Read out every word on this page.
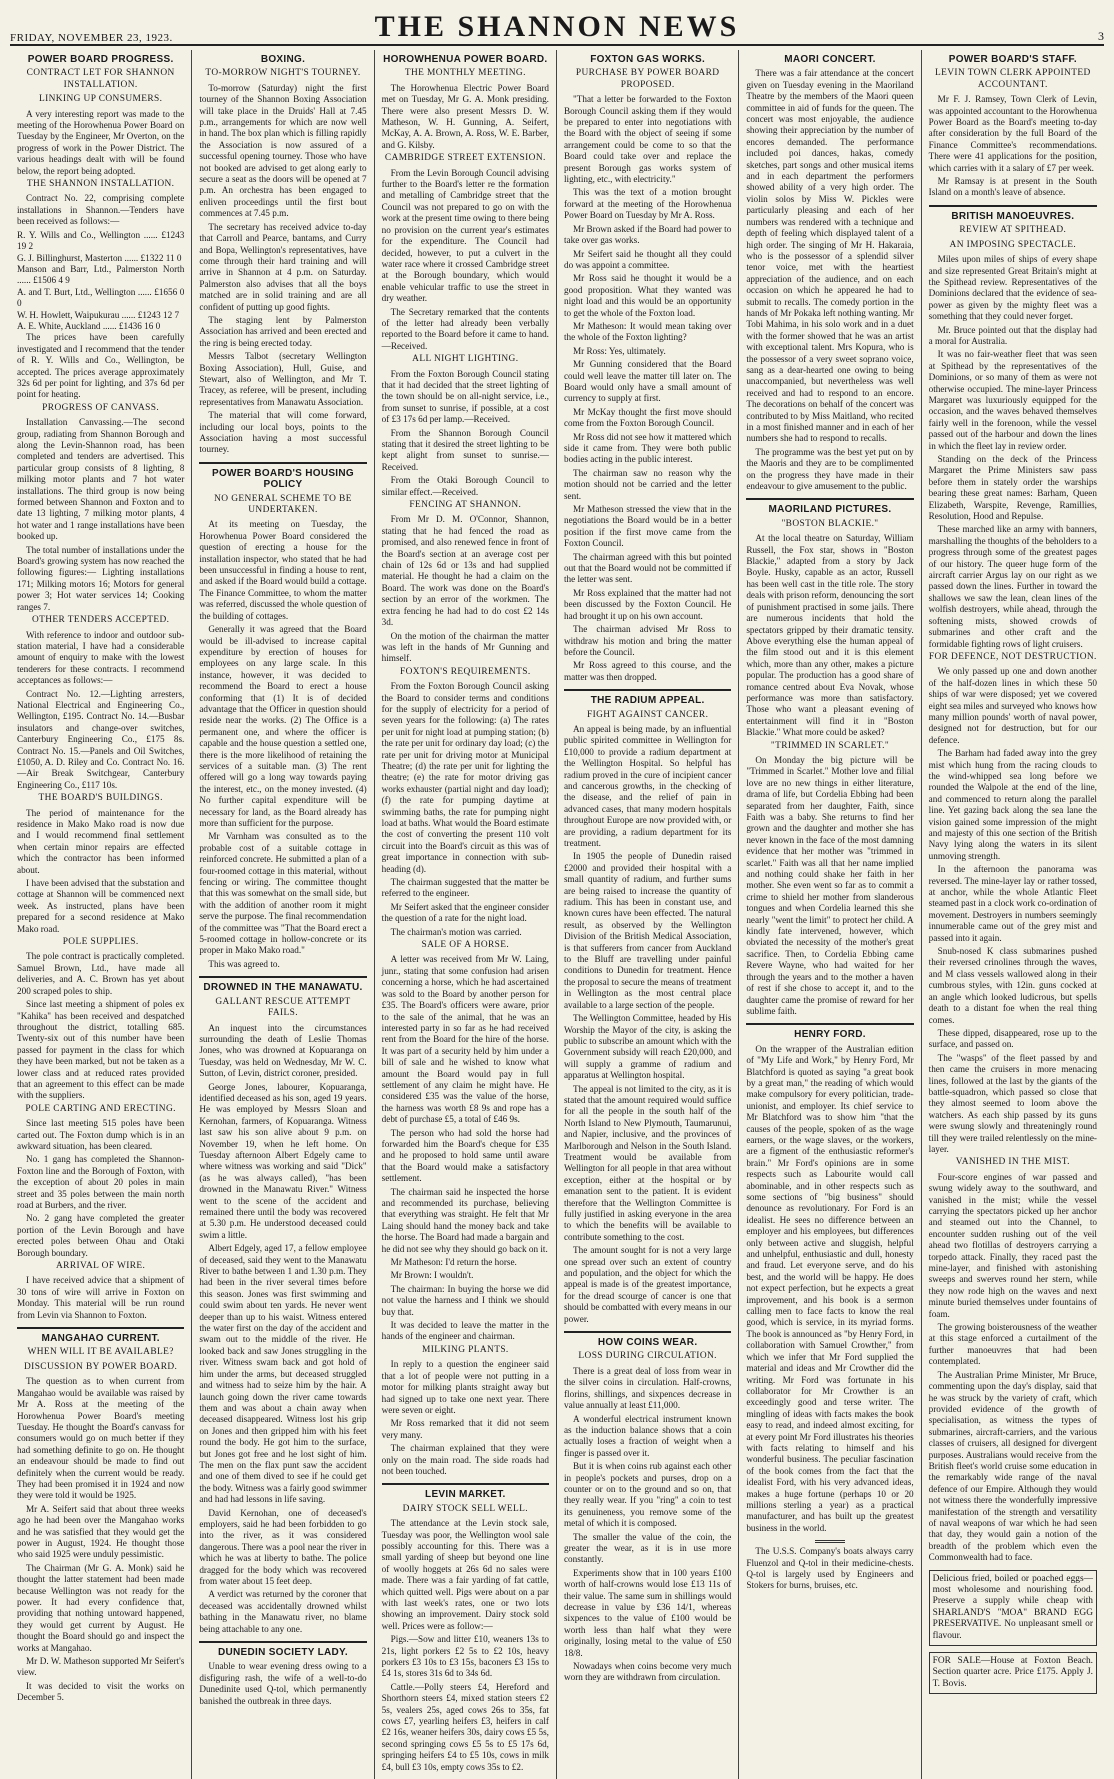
FRIDAY, NOVEMBER 23, 1923.	THE SHANNON NEWS	3
POWER BOARD PROGRESS.
CONTRACT LET FOR SHANNON INSTALLATION.
LINKING UP CONSUMERS.

A very interesting report was made to the meeting of the Horowhenua Power Board on Tuesday by the Engineer, Mr Overton, on the progress of work in the Power District. The various headings dealt with will be found below, the report being adopted.

THE SHANNON INSTALLATION.

Contract No. 22, comprising complete installations in Shannon.—Tenders have been received as follows:—

R. Y. Wills and Co., Wellington ...... £1243 19 2
G. J. Billinghurst, Masterton ...... £1322 11 0
Manson and Barr, Ltd., Palmerston North ...... £1506 4 9
A. and T. Burt, Ltd., Wellington ...... £1656 0 0
W. H. Howlett, Waipukurau ...... £1243 12 7
A. E. White, Auckland ...... £1436 16 0

The prices have been carefully investigated and I recommend that the tender of R. Y. Wills and Co., Wellington, be accepted. The prices average approximately 32s 6d per point for lighting, and 37s 6d per point for heating.

PROGRESS OF CANVASS.

Installation Canvassing.—The second group, radiating from Shannon Borough and along the Levin-Shannon road, has been completed and tenders are advertised. This particular group consists of 8 lighting, 8 milking motor plants and 7 hot water installations. The third group is now being formed between Shannon and Foxton and to date 13 lighting, 7 milking motor plants, 4 hot water and 1 range installations have been booked up.

The total number of installations under the Board's growing system has now reached the following figures:— Lighting installations 171; Milking motors 16; Motors for general power 3; Hot water services 14; Cooking ranges 7.

OTHER TENDERS ACCEPTED.

With reference to indoor and outdoor sub-station material, I have had a considerable amount of enquiry to make with the lowest tenderers for these contracts. I recommend acceptances as follows:—

Contract No. 12.—Lighting arresters, National Electrical and Engineering Co., Wellington, £195. Contract No. 14.—Busbar insulators and change-over switches, Canterbury Engineering Co., £175 8s. Contract No. 15.—Panels and Oil Switches, £1050, A. D. Riley and Co. Contract No. 16.—Air Break Switchgear, Canterbury Engineering Co., £117 10s.

THE BOARD'S BUILDINGS.

The period of maintenance for the residence in Mako Mako road is now due and I would recommend final settlement when certain minor repairs are effected which the contractor has been informed about.

I have been advised that the substation and cottage at Shannon will be commenced next week. As instructed, plans have been prepared for a second residence at Mako Mako road.

POLE SUPPLIES.

The pole contract is practically completed. Samuel Brown, Ltd., have made all deliveries, and A. C. Brown has yet about 200 scraped poles to ship.

Since last meeting a shipment of poles ex "Kahika" has been received and despatched throughout the district, totalling 685. Twenty-six out of this number have been passed for payment in the class for which they have been marked, but not be taken as a lower class and at reduced rates provided that an agreement to this effect can be made with the suppliers.

POLE CARTING AND ERECTING.

Since last meeting 515 poles have been carted out. The Foxton dump which is in an awkward situation, has been cleared.

No. 1 gang has completed the Shannon-Foxton line and the Borough of Foxton, with the exception of about 20 poles in main street and 35 poles between the main north road at Burbers, and the river.

No. 2 gang have completed the greater portion of the Levin Borough and have erected poles between Ohau and Otaki Borough boundary.

ARRIVAL OF WIRE.

I have received advice that a shipment of 30 tons of wire will arrive in Foxton on Monday. This material will be run round from Levin via Shannon to Foxton.

MANGAHAO CURRENT.
WHEN WILL IT BE AVAILABLE?
DISCUSSION BY POWER BOARD.

The question as to when current from Mangahao would be available was raised by Mr A. Ross at the meeting of the Horowhenua Power Board's meeting Tuesday. He thought the Board's canvass for consumers would go on much better if they had something definite to go on. He thought an endeavour should be made to find out definitely when the current would be ready. They had been promised it in 1924 and now they were told it would be 1925.

Mr A. Seifert said that about three weeks ago he had been over the Mangahao works and he was satisfied that they would get the power in August, 1924. He thought those who said 1925 were unduly pessimistic.

The Chairman (Mr G. A. Monk) said he thought the latter statement had been made because Wellington was not ready for the power. It had every confidence that, providing that nothing untoward happened, they would get current by August. He thought the Board should go and inspect the works at Mangahao.

Mr D. W. Matheson supported Mr Seifert's view.

It was decided to visit the works on December 5.

BOXING.
TO-MORROW NIGHT'S TOURNEY.

To-morrow (Saturday) night the first tourney of the Shannon Boxing Association will take place in the Druids' Hall at 7.45 p.m., arrangements for which are now well in hand. The box plan which is filling rapidly the Association is now assured of a successful opening tourney. Those who have not booked are advised to get along early to secure a seat as the doors will be opened at 7 p.m. An orchestra has been engaged to enliven proceedings until the first bout commences at 7.45 p.m.

The secretary has received advice to-day that Carroll and Pearce, bantams, and Curry and Bopa, Wellington's representatives, have come through their hard training and will arrive in Shannon at 4 p.m. on Saturday. Palmerston also advises that all the boys matched are in solid training and are all confident of putting up good fights.

The staging lent by Palmerston Association has arrived and been erected and the ring is being erected today.

Messrs Talbot (secretary Wellington Boxing Association), Hull, Guise, and Stewart, also of Wellington, and Mr T. Tracey, as referee, will be present, including representatives from Manawatu Association.

The material that will come forward, including our local boys, points to the Association having a most successful tourney.

POWER BOARD'S HOUSING POLICY
NO GENERAL SCHEME TO BE UNDERTAKEN.

At its meeting on Tuesday, the Horowhenua Power Board considered the question of erecting a house for the installation inspector, who stated that he had been unsuccessful in finding a house to rent, and asked if the Board would build a cottage. The Finance Committee, to whom the matter was referred, discussed the whole question of the building of cottages.

Generally it was agreed that the Board would be ill-advised to increase capital expenditure by erection of houses for employees on any large scale. In this instance, however, it was decided to recommend the Board to erect a house conforming that (1) It is of decided advantage that the Officer in question should reside near the works. (2) The Office is a permanent one, and where the officer is capable and the house question a settled one, there is the more likelihood of retaining the services of a suitable man. (3) The rent offered will go a long way towards paying the interest, etc., on the money invested. (4) No further capital expenditure will be necessary for land, as the Board already has more than sufficient for the purpose.

Mr Varnham was consulted as to the probable cost of a suitable cottage in reinforced concrete. He submitted a plan of a four-roomed cottage in this material, without fencing or wiring. The committee thought that this was somewhat on the small side, but with the addition of another room it might serve the purpose. The final recommendation of the committee was "That the Board erect a 5-roomed cottage in hollow-concrete or its proper in Mako Mako road."

This was agreed to.

DROWNED IN THE MANAWATU.
GALLANT RESCUE ATTEMPT FAILS.

An inquest into the circumstances surrounding the death of Leslie Thomas Jones, who was drowned at Kopuaranga on Tuesday, was held on Wednesday, Mr W. C. Sutton, of Levin, district coroner, presided.

George Jones, labourer, Kopuaranga, identified deceased as his son, aged 19 years. He was employed by Messrs Sloan and Kernohan, farmers, of Kopuaranga. Witness last saw his son alive about 9 p.m. on November 19, when he left home. On Tuesday afternoon Albert Edgely came to where witness was working and said "Dick" (as he was always called), "has been drowned in the Manawatu River." Witness went to the scene of the accident and remained there until the body was recovered at 5.30 p.m. He understood deceased could swim a little.

Albert Edgely, aged 17, a fellow employee of deceased, said they went to the Manawatu River to bathe between 1 and 1.30 p.m. They had been in the river several times before this season. Jones was first swimming and could swim about ten yards. He never went deeper than up to his waist. Witness entered the water first on the day of the accident and swam out to the middle of the river. He looked back and saw Jones struggling in the river. Witness swam back and got hold of him under the arms, but deceased struggled and witness had to seize him by the hair. A launch going down the river came towards them and was about a chain away when deceased disappeared. Witness lost his grip on Jones and then gripped him with his feet round the body. He got him to the surface, but Jones got free and he lost sight of him. The men on the flax punt saw the accident and one of them dived to see if he could get the body. Witness was a fairly good swimmer and had had lessons in life saving.

David Kernohan, one of deceased's employers, said he had been forbidden to go into the river, as it was considered dangerous. There was a pool near the river in which he was at liberty to bathe. The police dragged for the body which was recovered from water about 15 feet deep.

A verdict was returned by the coroner that deceased was accidentally drowned whilst bathing in the Manawatu river, no blame being attachable to any one.

DUNEDIN SOCIETY LADY.

Unable to wear evening dress owing to a disfiguring rash, the wife of a well-to-do Dunedinite used Q-tol, which permanently banished the outbreak in three days.

HOROWHENUA POWER BOARD.
THE MONTHLY MEETING.

The Horowhenua Electric Power Board met on Tuesday, Mr G. A. Monk presiding. There were also present Messrs D. W. Matheson, W. H. Gunning, A. Seifert, McKay, A. A. Brown, A. Ross, W. E. Barber, and G. Kilsby.

CAMBRIDGE STREET EXTENSION.

From the Levin Borough Council advising further to the Board's letter re the formation and metalling of Cambridge street that the Council was not prepared to go on with the work at the present time owing to there being no provision on the current year's estimates for the expenditure. The Council had decided, however, to put a culvert in the water race where it crossed Cambridge street at the Borough boundary, which would enable vehicular traffic to use the street in dry weather.

The Secretary remarked that the contents of the letter had already been verbally reported to the Board before it came to hand.—Received.

ALL NIGHT LIGHTING.

From the Foxton Borough Council stating that it had decided that the street lighting of the town should be on all-night service, i.e., from sunset to sunrise, if possible, at a cost of £3 17s 6d per lamp.—Received.

From the Shannon Borough Council stating that it desired the street lighting to be kept alight from sunset to sunrise.—Received.

From the Otaki Borough Council to similar effect.—Received.

FENCING AT SHANNON.

From Mr D. M. O'Connor, Shannon, stating that he had fenced the road as promised, and also renewed fence in front of the Board's section at an average cost per chain of 12s 6d or 13s and had supplied material. He thought he had a claim on the Board. The work was done on the Board's section by an error of the workmen. The extra fencing he had had to do cost £2 14s 3d.

On the motion of the chairman the matter was left in the hands of Mr Gunning and himself.

FOXTON'S REQUIREMENTS.

From the Foxton Borough Council asking the Board to consider terms and conditions for the supply of electricity for a period of seven years for the following: (a) The rates per unit for night load at pumping station; (b) the rate per unit for ordinary day load; (c) the rate per unit for driving motor at Municipal Theatre; (d) the rate per unit for lighting the theatre; (e) the rate for motor driving gas works exhauster (partial night and day load); (f) the rate for pumping daytime at swimming baths, the rate for pumping night load at baths. What would the Board estimate the cost of converting the present 110 volt circuit into the Board's circuit as this was of great importance in connection with sub-heading (d).

The chairman suggested that the matter be referred to the engineer.

Mr Seifert asked that the engineer consider the question of a rate for the night load.

The chairman's motion was carried.

SALE OF A HORSE.

A letter was received from Mr W. Laing, junr., stating that some confusion had arisen concerning a horse, which he had ascertained was sold to the Board by another person for £35. The Board's officers were aware, prior to the sale of the animal, that he was an interested party in so far as he had received rent from the Board for the hire of the horse. It was part of a security held by him under a bill of sale and he wished to know what amount the Board would pay in full settlement of any claim he might have. He considered £35 was the value of the horse, the harness was worth £8 9s and rope has a debt of purchase £5, a total of £46 9s.

The person who had sold the horse had forwarded him the Board's cheque for £35 and he proposed to hold same until aware that the Board would make a satisfactory settlement.

The chairman said he inspected the horse and recommended its purchase, believing that everything was straight. He felt that Mr Laing should hand the money back and take the horse. The Board had made a bargain and he did not see why they should go back on it.

Mr Matheson: I'd return the horse.

Mr Brown: I wouldn't.

The chairman: In buying the horse we did not value the harness and I think we should buy that.

It was decided to leave the matter in the hands of the engineer and chairman.

MILKING PLANTS.

In reply to a question the engineer said that a lot of people were not putting in a motor for milking plants straight away but had signed up to take one next year. There were seven or eight.

Mr Ross remarked that it did not seem very many.

The chairman explained that they were only on the main road. The side roads had not been touched.

LEVIN MARKET.
DAIRY STOCK SELL WELL.

The attendance at the Levin stock sale, Tuesday was poor, the Wellington wool sale possibly accounting for this. There was a small yarding of sheep but beyond one line of woolly hoggets at 26s 6d no sales were made. There was a fair yarding of fat cattle, which quitted well. Pigs were about on a par with last week's rates, one or two lots showing an improvement. Dairy stock sold well. Prices were as follow:—

Pigs.—Sow and litter £10, weaners 13s to 21s, light porkers £2 5s to £2 10s, heavy porkers £3 10s to £3 15s, baconers £3 15s to £4 1s, stores 31s 6d to 34s 6d.

Cattle.—Polly steers £4, Hereford and Shorthorn steers £4, mixed station steers £2 5s, vealers 25s, aged cows 26s to 35s, fat cows £7, yearling heifers £3, heifers in calf £2 16s, weaner heifers 30s, dairy cows £5 5s, second springing cows £5 5s to £5 17s 6d, springing heifers £4 to £5 10s, cows in milk £4, bull £3 10s, empty cows 35s to £2.

FOXTON GAS WORKS.
PURCHASE BY POWER BOARD PROPOSED.

"That a letter be forwarded to the Foxton Borough Council asking them if they would be prepared to enter into negotiations with the Board with the object of seeing if some arrangement could be come to so that the Board could take over and replace the present Borough gas works system of lighting, etc., with electricity."

This was the text of a motion brought forward at the meeting of the Horowhenua Power Board on Tuesday by Mr A. Ross.

Mr Brown asked if the Board had power to take over gas works.

Mr Seifert said he thought all they could do was appoint a committee.

Mr Ross said he thought it would be a good proposition. What they wanted was night load and this would be an opportunity to get the whole of the Foxton load.

Mr Matheson: It would mean taking over the whole of the Foxton lighting?

Mr Ross: Yes, ultimately.

Mr Gunning considered that the Board could well leave the matter till later on. The Board would only have a small amount of currency to supply at first.

Mr McKay thought the first move should come from the Foxton Borough Council.

Mr Ross did not see how it mattered which side it came from. They were both public bodies acting in the public interest.

The chairman saw no reason why the motion should not be carried and the letter sent.

Mr Matheson stressed the view that in the negotiations the Board would be in a better position if the first move came from the Foxton Council.

The chairman agreed with this but pointed out that the Board would not be committed if the letter was sent.

Mr Ross explained that the matter had not been discussed by the Foxton Council. He had brought it up on his own account.

The chairman advised Mr Ross to withdraw his motion and bring the matter before the Council.

Mr Ross agreed to this course, and the matter was then dropped.

THE RADIUM APPEAL.
FIGHT AGAINST CANCER.

An appeal is being made, by an influential public spirited committee in Wellington for £10,000 to provide a radium department at the Wellington Hospital. So helpful has radium proved in the cure of incipient cancer and cancerous growths, in the checking of the disease, and the relief of pain in advanced cases, that many modern hospitals throughout Europe are now provided with, or are providing, a radium department for its treatment.

In 1905 the people of Dunedin raised £2000 and provided their hospital with a small quantity of radium, and further sums are being raised to increase the quantity of radium. This has been in constant use, and known cures have been effected. The natural result, as observed by the Wellington Division of the British Medical Association, is that sufferers from cancer from Auckland to the Bluff are travelling under painful conditions to Dunedin for treatment. Hence the proposal to secure the means of treatment in Wellington as the most central place available to a large section of the people.

The Wellington Committee, headed by His Worship the Mayor of the city, is asking the public to subscribe an amount which with the Government subsidy will reach £20,000, and will supply a gramme of radium and apparatus at Wellington hospital.

The appeal is not limited to the city, as it is stated that the amount required would suffice for all the people in the south half of the North Island to New Plymouth, Taumarunui, and Napier, inclusive, and the provinces of Marlborough and Nelson in the South Island. Treatment would be available from Wellington for all people in that area without exception, either at the hospital or by emanation sent to the patient. It is evident therefore that the Wellington Committee is fully justified in asking everyone in the area to which the benefits will be available to contribute something to the cost.

The amount sought for is not a very large one spread over such an extent of country and population, and the object for which the appeal is made is of the greatest importance, for the dread scourge of cancer is one that should be combatted with every means in our power.

HOW COINS WEAR.
LOSS DURING CIRCULATION.

There is a great deal of loss from wear in the silver coins in circulation. Half-crowns, florins, shillings, and sixpences decrease in value annually at least £11,000.

A wonderful electrical instrument known as the induction balance shows that a coin actually loses a fraction of weight when a finger is passed over it.

But it is when coins rub against each other in people's pockets and purses, drop on a counter or on to the ground and so on, that they really wear. If you "ring" a coin to test its genuineness, you remove some of the metal of which it is composed.

The smaller the value of the coin, the greater the wear, as it is in use more constantly.

Experiments show that in 100 years £100 worth of half-crowns would lose £13 11s of their value. The same sum in shillings would decrease in value by £36 14/1, whereas sixpences to the value of £100 would be worth less than half what they were originally, losing metal to the value of £50 18/8.

Nowadays when coins become very much worn they are withdrawn from circulation.

MAORI CONCERT.

There was a fair attendance at the concert given on Tuesday evening in the Maoriland Theatre by the members of the Maori queen committee in aid of funds for the queen. The concert was most enjoyable, the audience showing their appreciation by the number of encores demanded. The performance included poi dances, hakas, comedy sketches, part songs and other musical items and in each department the performers showed ability of a very high order. The violin solos by Miss W. Pickles were particularly pleasing and each of her numbers was rendered with a technique and depth of feeling which displayed talent of a high order. The singing of Mr H. Hakaraia, who is the possessor of a splendid silver tenor voice, met with the heartiest appreciation of the audience, and on each occasion on which he appeared he had to submit to recalls. The comedy portion in the hands of Mr Pokaka left nothing wanting. Mr Tobi Mahima, in his solo work and in a duet with the former showed that he was an artist with exceptional talent. Mrs Kopura, who is the possessor of a very sweet soprano voice, sang as a dear-hearted one owing to being unaccompanied, but nevertheless was well received and had to respond to an encore. The decorations on behalf of the concert was contributed to by Miss Maitland, who recited in a most finished manner and in each of her numbers she had to respond to recalls.

The programme was the best yet put on by the Maoris and they are to be complimented on the progress they have made in their endeavour to give amusement to the public.

MAORILAND PICTURES.
"BOSTON BLACKIE."

At the local theatre on Saturday, William Russell, the Fox star, shows in "Boston Blackie," adapted from a story by Jack Boyle. Husky, capable as an actor, Russell has been well cast in the title role. The story deals with prison reform, denouncing the sort of punishment practised in some jails. There are numerous incidents that hold the spectators gripped by their dramatic tensity. Above everything else the human appeal of the film stood out and it is this element which, more than any other, makes a picture popular. The production has a good share of romance centred about Eva Novak, whose performance was more than satisfactory. Those who want a pleasant evening of entertainment will find it in "Boston Blackie." What more could be asked?

"TRIMMED IN SCARLET."

On Monday the big picture will be "Trimmed in Scarlet." Mother love and filial love are no new things in either literature, drama of life, but Cordelia Ebbing had been separated from her daughter, Faith, since Faith was a baby. She returns to find her grown and the daughter and mother she has never known in the face of the most damning evidence that her mother was "trimmed in scarlet." Faith was all that her name implied and nothing could shake her faith in her mother. She even went so far as to commit a crime to shield her mother from slanderous tongues and when Cordelia learned this she nearly "went the limit" to protect her child. A kindly fate intervened, however, which obviated the necessity of the mother's great sacrifice. Then, to Cordelia Ebbing came Revere Wayne, who had waited for her through the years and to the mother a haven of rest if she chose to accept it, and to the daughter came the promise of reward for her sublime faith.

HENRY FORD.

On the wrapper of the Australian edition of "My Life and Work," by Henry Ford, Mr Blatchford is quoted as saying "a great book by a great man," the reading of which would make compulsory for every politician, trade-unionist, and employer. Its chief service to Mr Blatchford was to show him "that the causes of the people, spoken of as the wage earners, or the wage slaves, or the workers, are a figment of the enthusiastic reformer's brain." Mr Ford's opinions are in some respects such as Labourite would call abominable, and in other respects such as some sections of "big business" should denounce as revolutionary. For Ford is an idealist. He sees no difference between an employer and his employees, but differences only between active and sluggish, helpful and unhelpful, enthusiastic and dull, honesty and fraud. Let everyone serve, and do his best, and the world will be happy. He does not expect perfection, but he expects a great improvement, and his book is a sermon calling men to face facts to know the real good, which is service, in its myriad forms. The book is announced as "by Henry Ford, in collaboration with Samuel Crowther," from which we infer that Mr Ford supplied the material and ideas and Mr Crowther did the writing. Mr Ford was fortunate in his collaborator for Mr Crowther is an exceedingly good and terse writer. The mingling of ideas with facts makes the book easy to read, and indeed almost exciting, for at every point Mr Ford illustrates his theories with facts relating to himself and his wonderful business. The peculiar fascination of the book comes from the fact that the idealist Ford, with his very advanced ideas, makes a huge fortune (perhaps 10 or 20 millions sterling a year) as a practical manufacturer, and has built up the greatest business in the world.

The U.S.S. Company's boats always carry Fluenzol and Q-tol in their medicine-chests. Q-tol is largely used by Engineers and Stokers for burns, bruises, etc.

POWER BOARD'S STAFF.
LEVIN TOWN CLERK APPOINTED ACCOUNTANT.

Mr F. J. Ramsey, Town Clerk of Levin, was appointed accountant to the Horowhenua Power Board as the Board's meeting to-day after consideration by the full Board of the Finance Committee's recommendations. There were 41 applications for the position, which carries with it a salary of £7 per week.

Mr Ramsay is at present in the South Island on a month's leave of absence.

BRITISH MANOEUVRES.
REVIEW AT SPITHEAD.
AN IMPOSING SPECTACLE.

Miles upon miles of ships of every shape and size represented Great Britain's might at the Spithead review. Representatives of the Dominions declared that the evidence of sea-power as given by the mighty fleet was a something that they could never forget.

Mr. Bruce pointed out that the display had a moral for Australia.

It was no fair-weather fleet that was seen at Spithead by the representatives of the Dominions, or so many of them as were not otherwise occupied. The mine-layer Princess Margaret was luxuriously equipped for the occasion, and the waves behaved themselves fairly well in the forenoon, while the vessel passed out of the harbour and down the lines in which the fleet lay in review order.

Standing on the deck of the Princess Margaret the Prime Ministers saw pass before them in stately order the warships bearing these great names: Barham, Queen Elizabeth, Warspite, Revenge, Ramillies, Resolution, Hood and Repulse.

These marched like an army with banners, marshalling the thoughts of the beholders to a progress through some of the greatest pages of our history. The queer huge form of the aircraft carrier Argus lay on our right as we passed down the lines. Further in toward the shallows we saw the lean, clean lines of the wolfish destroyers, while ahead, through the softening mists, showed crowds of submarines and other craft and the formidable fighting rows of light cruisers.

FOR DEFENCE, NOT DESTRUCTION.

We only passed up one and down another of the half-dozen lines in which these 50 ships of war were disposed; yet we covered eight sea miles and surveyed who knows how many million pounds' worth of naval power, designed not for destruction, but for our defence.

The Barham had faded away into the grey mist which hung from the racing clouds to the wind-whipped sea long before we rounded the Walpole at the end of the line, and commenced to return along the parallel line. Yet gazing back along the sea lane the vision gained some impression of the might and majesty of this one section of the British Navy lying along the waters in its silent unmoving strength.

In the afternoon the panorama was reversed. The mine-layer lay or rather tossed, at anchor, while the whole Atlantic Fleet steamed past in a clock work co-ordination of movement. Destroyers in numbers seemingly innumerable came out of the grey mist and passed into it again.

Snub-nosed K class submarines pushed their reversed crinolines through the waves, and M class vessels wallowed along in their cumbrous styles, with 12in. guns cocked at an angle which looked ludicrous, but spells death to a distant foe when the real thing comes.

These dipped, disappeared, rose up to the surface, and passed on.

The "wasps" of the fleet passed by and then came the cruisers in more menacing lines, followed at the last by the giants of the battle-squadron, which passed so close that they almost seemed to loom above the watchers. As each ship passed by its guns were swung slowly and threateningly round till they were trailed relentlessly on the mine-layer.

VANISHED IN THE MIST.

Four-score engines of war passed and swung widely away to the southward, and vanished in the mist; while the vessel carrying the spectators picked up her anchor and steamed out into the Channel, to encounter sudden rushing out of the veil ahead two flotillas of destroyers carrying a torpedo attack. Finally, they raced past the mine-layer, and finished with astonishing sweeps and swerves round her stern, while they now rode high on the waves and next minute buried themselves under fountains of foam.

The growing boisterousness of the weather at this stage enforced a curtailment of the further manoeuvres that had been contemplated.

The Australian Prime Minister, Mr Bruce, commenting upon the day's display, said that he was struck by the variety of craft, which provided evidence of the growth of specialisation, as witness the types of submarines, aircraft-carriers, and the various classes of cruisers, all designed for divergent purposes. Australians would receive from the British fleet's world cruise some education in the remarkably wide range of the naval defence of our Empire. Although they would not witness there the wonderfully impressive manifestation of the strength and versatility of naval weapons of war which he had seen that day, they would gain a notion of the breadth of the problem which even the Commonwealth had to face.

Delicious fried, boiled or poached eggs—most wholesome and nourishing food. Preserve a supply while cheap with SHARLAND'S "MOA" BRAND EGG PRESERVATIVE. No unpleasant smell or flavour.
FOR SALE—House at Foxton Beach. Section quarter acre. Price £175. Apply J. T. Bovis.
